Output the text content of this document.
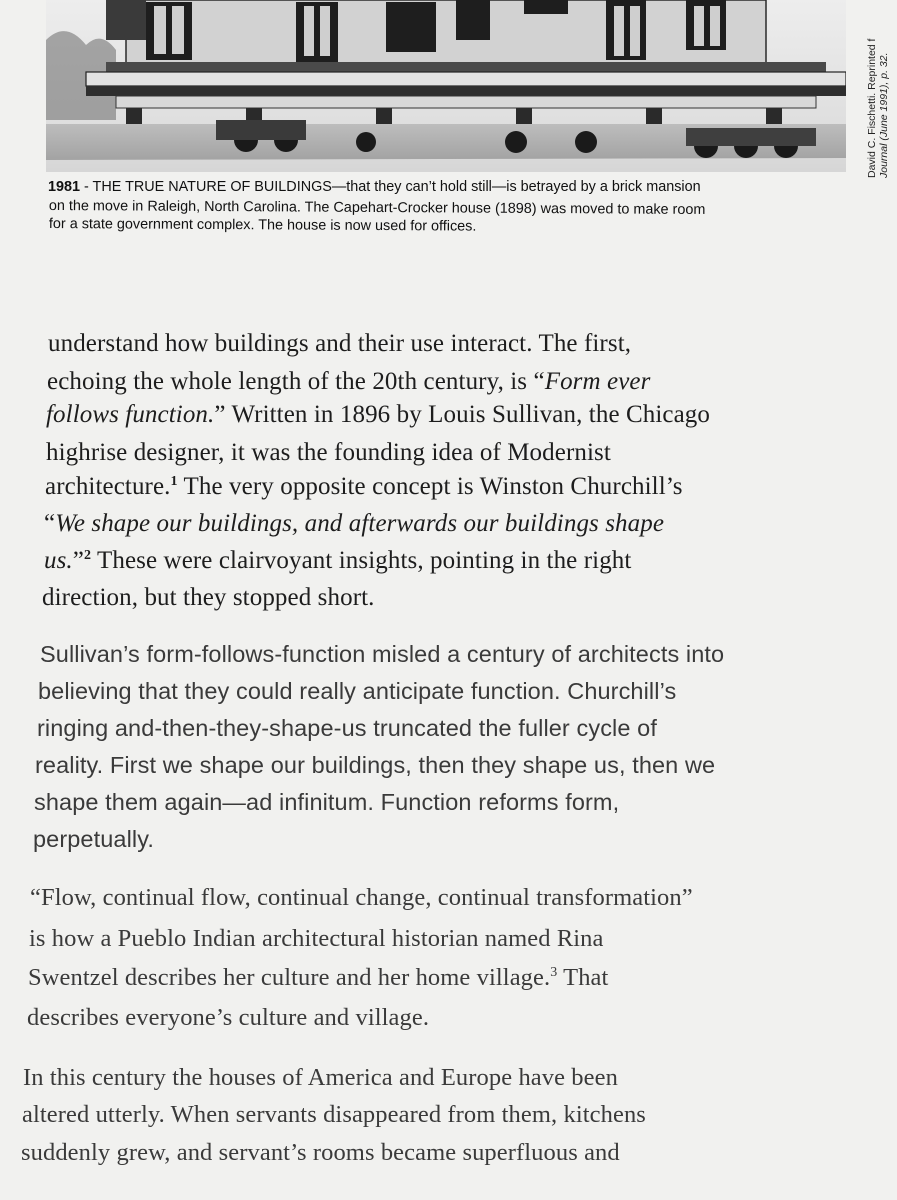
David C. Fischetti. Reprinted f Journal (June 1991), p. 32.
1981 - THE TRUE NATURE OF BUILDINGS—that they can’t hold still—is betrayed by a brick mansion
on the move in Raleigh, North Carolina. The Capehart-Crocker house (1898) was moved to make room
for a state government complex. The house is now used for offices.
understand how buildings and their use interact. The first,
echoing the whole length of the 20th century, is “Form ever
follows function.” Written in 1896 by Louis Sullivan, the Chicago
highrise designer, it was the founding idea of Modernist
architecture.$^1$ The very opposite concept is Winston Churchill’s
“We shape our buildings, and afterwards our buildings shape
us.”$^2$ These were clairvoyant insights, pointing in the right
direction, but they stopped short.
Sullivan’s form-follows-function misled a century of architects into
believing that they could really anticipate function. Churchill’s
ringing and-then-they-shape-us truncated the fuller cycle of
reality. First we shape our buildings, then they shape us, then we
shape them again—ad infinitum. Function reforms form,
perpetually.
“Flow, continual flow, continual change, continual transformation”
is how a Pueblo Indian architectural historian named Rina
Swentzel describes her culture and her home village.$^3$ That
describes everyone’s culture and village.
In this century the houses of America and Europe have been
altered utterly. When servants disappeared from them, kitchens
suddenly grew, and servant’s rooms became superfluous and
